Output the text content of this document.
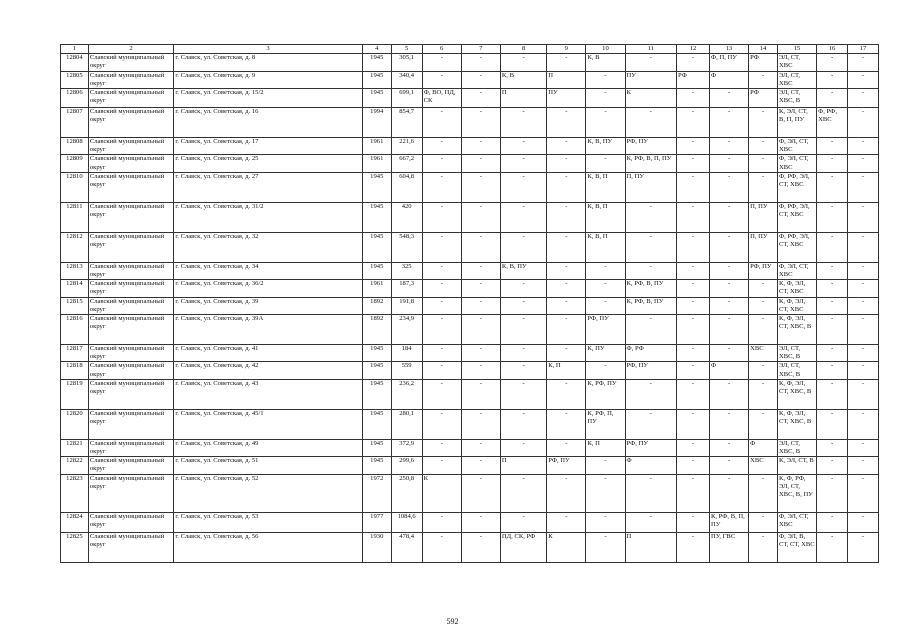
1	2	3	4	5	6	7	8	9	10	11	12	13	14	15	16	17
12804	Славский муниципальный округ	г. Славск, ул. Советская, д. 8	1945	305,1	-	-	-	-	К, В	-	-	Ф, П, ПУ	РФ	ЭЛ, СТ, ХВС	-	-
12805	Славский муниципальный округ	г. Славск, ул. Советская, д. 9	1945	340,4	-	-	К, В	П	-	ПУ	РФ	Ф	-	ЭЛ, СТ, ХВС	-	-
12806	Славский муниципальный округ	г. Славск, ул. Советская, д. 15/2	1945	699,1	Ф, ВО, ПД, СК	-	П	ПУ	-	К	-	-	РФ	ЭЛ, СТ, ХВС, В	-	-
12807	Славский муниципальный округ	г. Славск, ул. Советская, д. 16	1994	854,7	-	-	-	-	-	-	-	-	-	К, ЭЛ, СТ, В, П, ПУ	Ф, РФ, ХВС	-
12808	Славский муниципальный округ	г. Славск, ул. Советская, д. 17	1961	221,6	-	-	-	-	К, В, ПУ	РФ, ПУ	-	-	-	Ф, ЭЛ, СТ, ХВС	-	-
12809	Славский муниципальный округ	г. Славск, ул. Советская, д. 25	1961	667,2	-	-	-	-	-	К, РФ, В, П, ПУ	-	-	-	Ф, ЭЛ, СТ, ХВС	-	-
12810	Славский муниципальный округ	г. Славск, ул. Советская, д. 27	1945	604,8	-	-	-	-	К, В, П	П, ПУ	-	-	-	Ф, РФ, ЭЛ, СТ, ХВС	-	-
12811	Славский муниципальный округ	г. Славск, ул. Советская, д. 31/2	1945	420	-	-	-	-	К, В, П	-	-	-	П, ПУ	Ф, РФ, ЭЛ, СТ, ХВС	-	-
12812	Славский муниципальный округ	г. Славск, ул. Советская, д. 32	1945	548,3	-	-	-	-	К, В, П	-	-	-	П, ПУ	Ф, РФ, ЭЛ, СТ, ХВС	-	-
12813	Славский муниципальный округ	г. Славск, ул. Советская, д. 34	1945	325	-	-	К, В, ПУ	-	-	-	-	-	РФ, ПУ	Ф, ЭЛ, СТ, ХВС	-	-
12814	Славский муниципальный округ	г. Славск, ул. Советская, д. 36/2	1961	187,3	-	-	-	-	-	К, РФ, В, ПУ	-	-	-	К, Ф, ЭЛ, СТ, ХВС	-	-
12815	Славский муниципальный округ	г. Славск, ул. Советская, д. 39	1892	191,8	-	-	-	-	-	К, РФ, В, ПУ	-	-	-	К, Ф, ЭЛ, СТ, ХВС	-	-
12816	Славский муниципальный округ	г. Славск, ул. Советская, д. 39А	1892	234,9	-	-	-	-	РФ, ПУ	-	-	-	-	К, Ф, ЭЛ, СТ, ХВС, В	-	-
12817	Славский муниципальный округ	г. Славск, ул. Советская, д. 41	1945	184	-	-	-	-	К, ПУ	Ф, РФ	-	-	ХВС	ЭЛ, СТ, ХВС, В	-	-
12818	Славский муниципальный округ	г. Славск, ул. Советская, д. 42	1945	559	-	-	-	К, П	-	РФ, ПУ	-	Ф	-	ЭЛ, СТ, ХВС, В	-	-
12819	Славский муниципальный округ	г. Славск, ул. Советская, д. 43	1945	236,2	-	-	-	-	К, РФ, ПУ	-	-	-	-	К, Ф, ЭЛ, СТ, ХВС, В	-	-
12820	Славский муниципальный округ	г. Славск, ул. Советская, д. 45/1	1945	280,1	-	-	-	-	К, РФ, П, ПУ	-	-	-	-	К, Ф, ЭЛ, СТ, ХВС, В	-	-
12821	Славский муниципальный округ	г. Славск, ул. Советская, д. 49	1945	372,9	-	-	-	-	К, П	РФ, ПУ	-	-	Ф	ЭЛ, СТ, ХВС, В	-	-
12822	Славский муниципальный округ	г. Славск, ул. Советская, д. 51	1945	299,6	-	-	П	РФ, ПУ	-	Ф	-	-	ХВС	К, ЭЛ, СТ, В	-	-
12823	Славский муниципальный округ	г. Славск, ул. Советская, д. 52	1972	250,8	К	-	-	-	-	-	-	-	-	К, Ф, РФ, ЭЛ, СТ, ХВС, В, ПУ	-	-
12824	Славский муниципальный округ	г. Славск, ул. Советская, д. 53	1977	1084,6	-	-	-	-	-	-	-	К, РФ, В, П, ПУ	-	Ф, ЭЛ, СТ, ХВС	-	-
12825	Славский муниципальный округ	г. Славск, ул. Советская, д. 56	1930	478,4	-	-	ПД, СК, РФ	К	-	П	-	ПУ, ГВС	-	Ф, ЭЛ, В, СТ, СТ, ХВС	-	-
592
